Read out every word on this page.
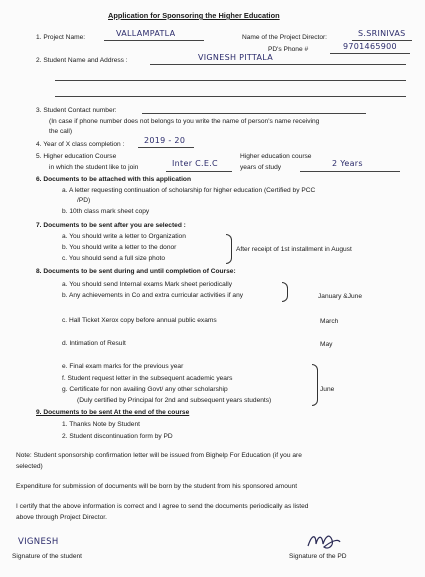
Application for Sponsoring the Higher Education
1. Project Name:	VALLAMPATLA	Name of the Project Director:	S.SRINIVAS
PD's Phone #	9701465900
2. Student Name and Address :	VIGNESH PITTALA
3. Student Contact number:
(In case if phone number does not belongs to you write the name of person's name receiving
the call)
4. Year of X class completion : 2019 - 20
5. Higher education Course
in which the student like to join	Inter C.E.C
Higher education course
years of study	2 Years
6. Documents to be attached with this application
a. A letter requesting continuation of scholarship for higher education (Certified by PCC
/PD)
b. 10th class mark sheet copy
7. Documents to be sent after you are selected :
a. You should write a letter to Organization
b. You should write a letter to the donor
c. You should send a full size photo
After receipt of 1st installment in August
8. Documents to be sent during and until completion of Course:
a. You should send Internal exams Mark sheet periodically
b. Any achievements in Co and extra curricular activities if any	January &June
c. Hall Ticket Xerox copy before annual public exams	March
d. Intimation of Result	May
e. Final exam marks for the previous year
f. Student request letter in the subsequent academic years
g. Certificate for non availing Govt/ any other scholarship
(Duly certified by Principal for 2nd and subsequent years students)
June
9. Documents to be sent At the end of the course
1. Thanks Note by Student
2. Student discontinuation form by PD
Note: Student sponsorship confirmation letter will be issued from Bighelp For Education (if you are
selected)
Expenditure for submission of documents will be born by the student from his sponsored amount
I certify that the above information is correct and I agree to send the documents periodically as listed
above through Project Director.
VIGNESH
Signature of the student	Signature of the PD
